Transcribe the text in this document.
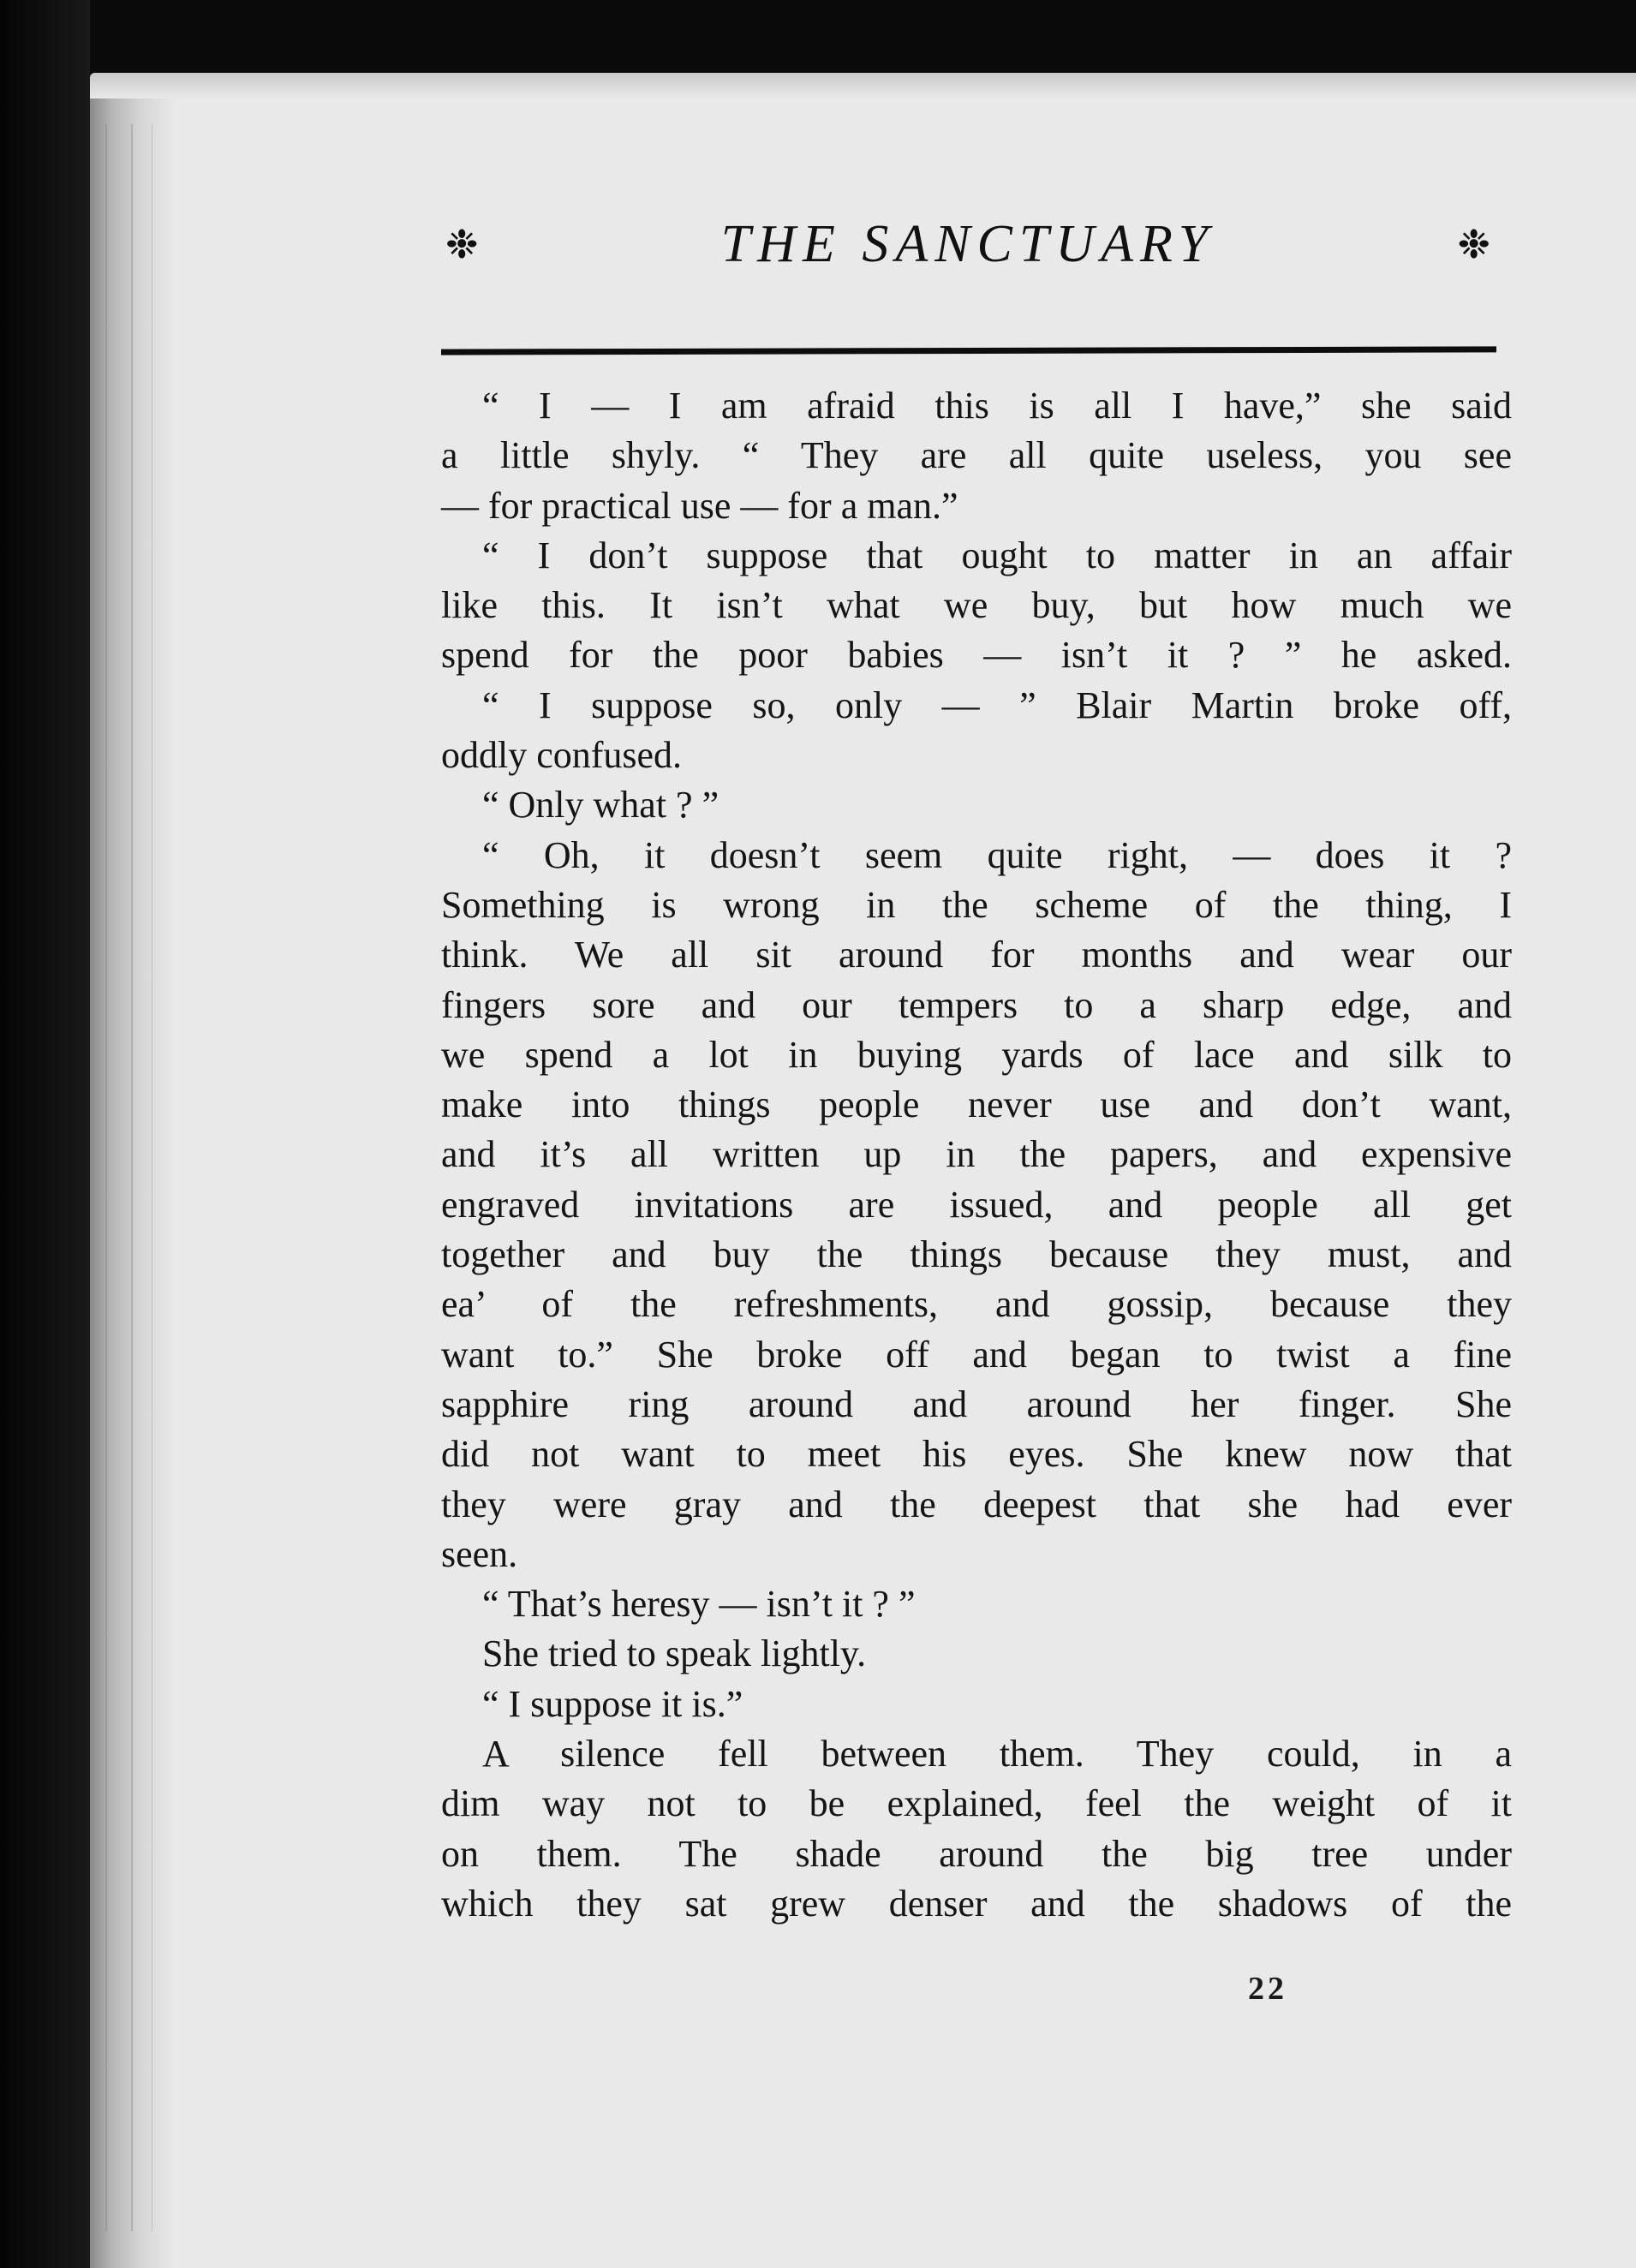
❉	THE SANCTUARY	❉
“ I — I am afraid this is all I have,” she said
a little shyly. “ They are all quite useless, you see
— for practical use — for a man.”
“ I don’t suppose that ought to matter in an affair
like this. It isn’t what we buy, but how much we
spend for the poor babies — isn’t it ? ” he asked.
“ I suppose so, only — ” Blair Martin broke off,
oddly confused.
“ Only what ? ”
“ Oh, it doesn’t seem quite right, — does it ?
Something is wrong in the scheme of the thing, I
think. We all sit around for months and wear our
fingers sore and our tempers to a sharp edge, and
we spend a lot in buying yards of lace and silk to
make into things people never use and don’t want,
and it’s all written up in the papers, and expensive
engraved invitations are issued, and people all get
together and buy the things because they must, and
ea’ of the refreshments, and gossip, because they
want to.” She broke off and began to twist a fine
sapphire ring around and around her finger. She
did not want to meet his eyes. She knew now that
they were gray and the deepest that she had ever
seen.
“ That’s heresy — isn’t it ? ”
She tried to speak lightly.
“ I suppose it is.”
A silence fell between them. They could, in a
dim way not to be explained, feel the weight of it
on them. The shade around the big tree under
which they sat grew denser and the shadows of the
22
